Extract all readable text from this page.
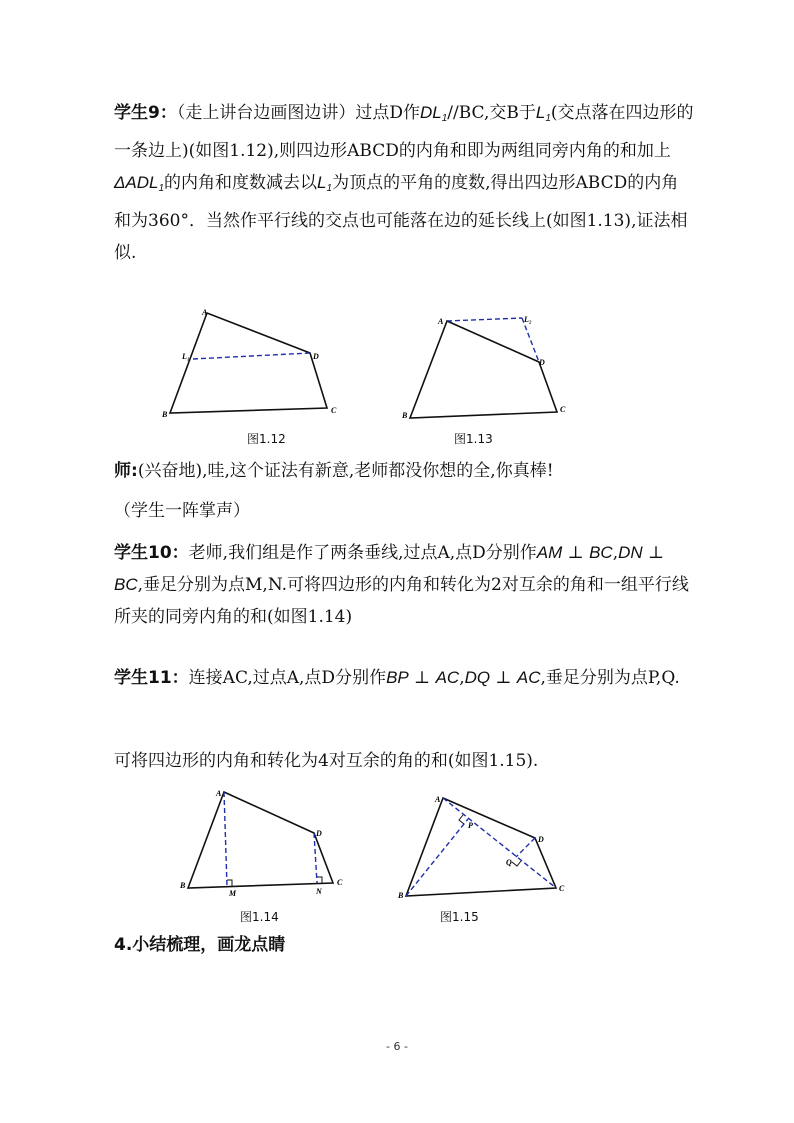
学生9：（走上讲台边画图边讲）过点D作$DL_1//BC$,交B于$L_1$(交点落在四边形的一条边上)(如图1.12),则四边形ABCD的内角和即为两组同旁内角的和加上$\Delta ADL_1$的内角和度数减去以$L_1$为顶点的平角的度数,得出四边形ABCD的内角和为360°．当然作平行线的交点也可能落在边的延长线上(如图1.13),证法相似.
A
B	C
D
L₁
图1.12
A
B
C
D
L₂
图1.13
师:(兴奋地),哇,这个证法有新意,老师都没你想的全,你真棒!
（学生一阵掌声）
学生10：老师,我们组是作了两条垂线,过点A,点D分别作AM ⊥ BC,DN ⊥ BC,垂足分别为点M,N.可将四边形的内角和转化为2对互余的角和一组平行线所夹的同旁内角的和(如图1.14)
学生11：连接AC,过点A,点D分别作BP ⊥ AC,DQ ⊥ AC,垂足分别为点P,Q.
可将四边形的内角和转化为4对互余的角的和(如图1.15).
A
B	C
D
M	N
图1.14
A
B
C
D
P
Q
图1.15
4.小结梳理，画龙点睛
- 6 -
